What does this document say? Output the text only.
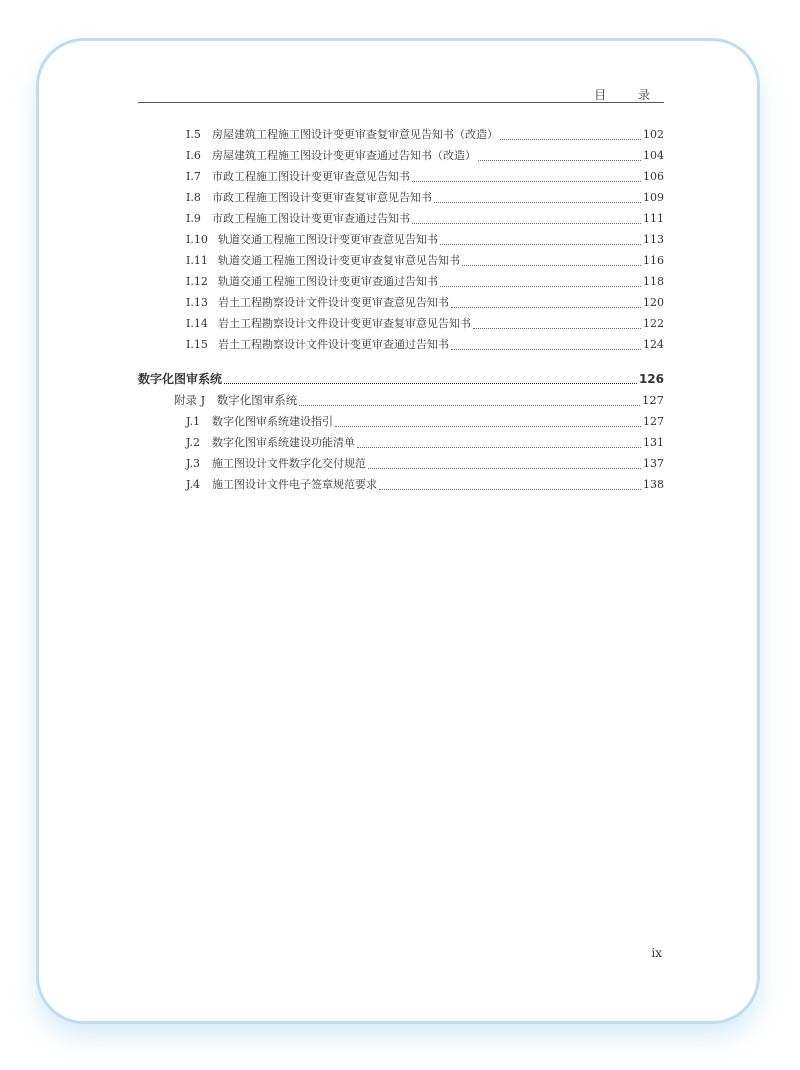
目 录
I.5	房屋建筑工程施工图设计变更审查复审意见告知书（改造）	102
I.6	房屋建筑工程施工图设计变更审查通过告知书（改造）	104
I.7	市政工程施工图设计变更审查意见告知书	106
I.8	市政工程施工图设计变更审查复审意见告知书	109
I.9	市政工程施工图设计变更审查通过告知书	111
I.10 轨道交通工程施工图设计变更审查意见告知书	113
I.11 轨道交通工程施工图设计变更审查复审意见告知书	116
I.12 轨道交通工程施工图设计变更审查通过告知书	118
I.13 岩土工程勘察设计文件设计变更审查意见告知书	120
I.14 岩土工程勘察设计文件设计变更审查复审意见告知书	122
I.15 岩土工程勘察设计文件设计变更审查通过告知书	124
数字化图审系统	126
附录 J　数字化图审系统	127
J.1	数字化图审系统建设指引	127
J.2	数字化图审系统建设功能清单	131
J.3	施工图设计文件数字化交付规范	137
J.4	施工图设计文件电子签章规范要求	138
ix
